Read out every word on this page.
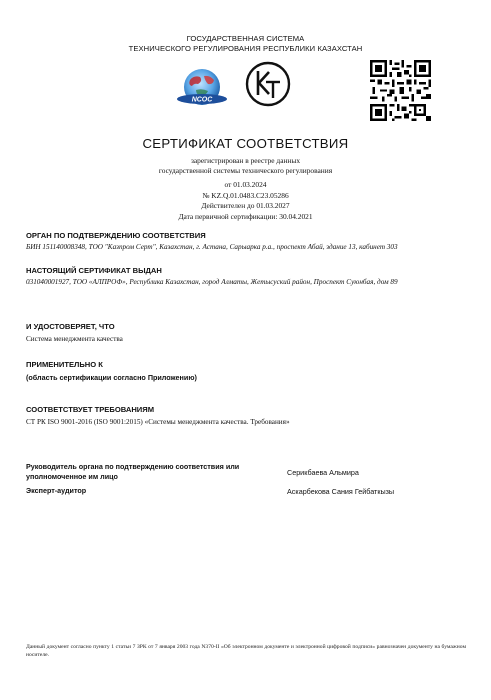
ГОСУДАРСТВЕННАЯ СИСТЕМА
ТЕХНИЧЕСКОГО РЕГУЛИРОВАНИЯ РЕСПУБЛИКИ КАЗАХСТАН
NCOC
СЕРТИФИКАТ СООТВЕТСТВИЯ
зарегистрирован в реестре данных
государственной системы технического регулирования
от 01.03.2024
№ KZ.Q.01.0483.C23.05286
Действителен до 01.03.2027
Дата первичной сертификации: 30.04.2021
ОРГАН ПО ПОДТВЕРЖДЕНИЮ СООТВЕТСТВИЯ
БИН 151140008348, ТОО "Казпром Серт", Казахстан, г. Астана, Сарыарка р.а., проспект Абай, здание 13, кабинет 303
НАСТОЯЩИЙ СЕРТИФИКАТ ВЫДАН
031040001927, ТОО «АЛПРОФ», Республика Казахстан, город Алматы, Жетысуский район, Проспект Суюнбая, дом 89
И УДОСТОВЕРЯЕТ, ЧТО
Система менеджмента качества
ПРИМЕНИТЕЛЬНО К
(область сертификации согласно Приложению)
СООТВЕТСТВУЕТ ТРЕБОВАНИЯМ
СТ РК ISO 9001-2016 (ISO 9001:2015) «Системы менеджмента качества. Требования»
Руководитель органа по подтверждению соответствия или уполномоченное им лицо	Серикбаева Альмира
Эксперт-аудитор	Аскарбекова Сания Гейбаткызы
Данный документ согласно пункту 1 статьи 7 ЗРК от 7 января 2003 года N370-II «Об электронном документе и электронной цифровой подписи» равнозначен документу на бумажном носителе.
